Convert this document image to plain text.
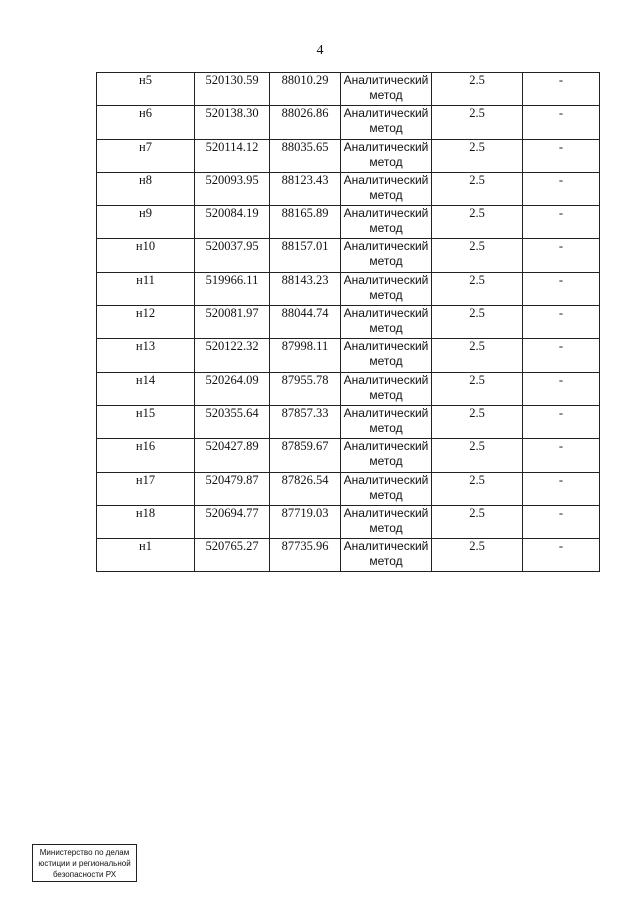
4
н5	520130.59	88010.29	Аналитический метод	2.5	-
н6	520138.30	88026.86	Аналитический метод	2.5	-
н7	520114.12	88035.65	Аналитический метод	2.5	-
н8	520093.95	88123.43	Аналитический метод	2.5	-
н9	520084.19	88165.89	Аналитический метод	2.5	-
н10	520037.95	88157.01	Аналитический метод	2.5	-
н11	519966.11	88143.23	Аналитический метод	2.5	-
н12	520081.97	88044.74	Аналитический метод	2.5	-
н13	520122.32	87998.11	Аналитический метод	2.5	-
н14	520264.09	87955.78	Аналитический метод	2.5	-
н15	520355.64	87857.33	Аналитический метод	2.5	-
н16	520427.89	87859.67	Аналитический метод	2.5	-
н17	520479.87	87826.54	Аналитический метод	2.5	-
н18	520694.77	87719.03	Аналитический метод	2.5	-
н1	520765.27	87735.96	Аналитический метод	2.5	-
Министерство по делам
юстиции и региональной
безопасности РХ
